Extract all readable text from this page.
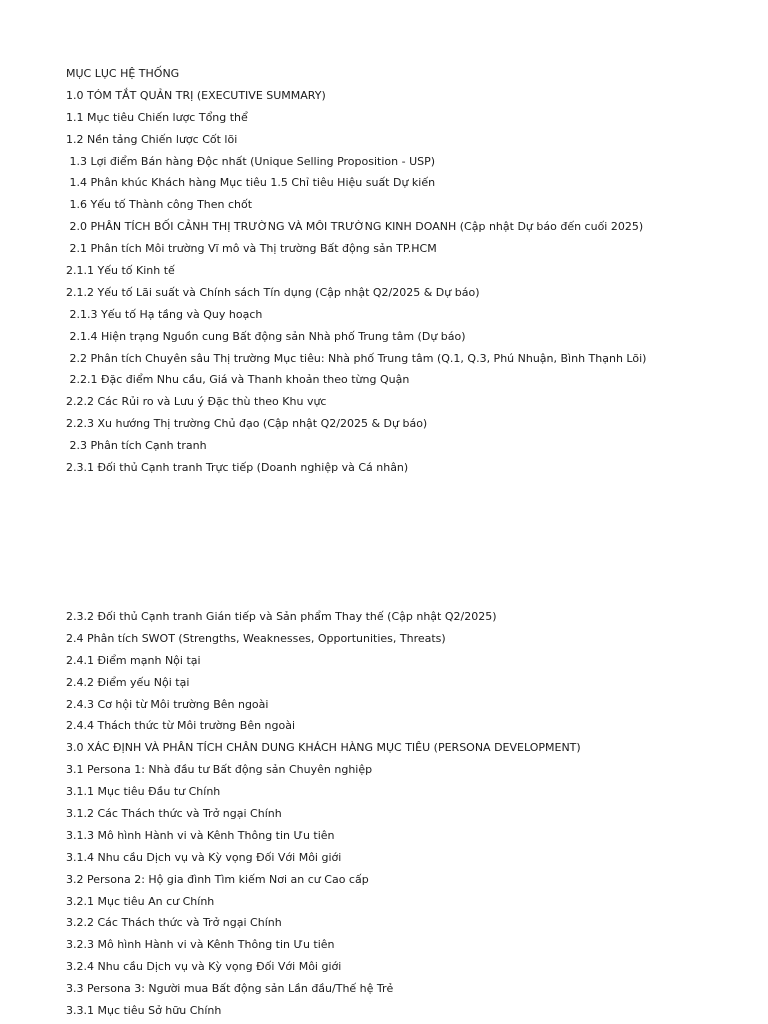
MỤC LỤC HỆ THỐNG
1.0 TÓM TẮT QUẢN TRỊ (EXECUTIVE SUMMARY)
1.1 Mục tiêu Chiến lược Tổng thể
1.2 Nền tảng Chiến lược Cốt lõi
1.3 Lợi điểm Bán hàng Độc nhất (Unique Selling Proposition - USP)
1.4 Phân khúc Khách hàng Mục tiêu 1.5 Chỉ tiêu Hiệu suất Dự kiến
1.6 Yếu tố Thành công Then chốt
2.0 PHÂN TÍCH BỐI CẢNH THỊ TRƯỜNG VÀ MÔI TRƯỜNG KINH DOANH (Cập nhật Dự báo đến cuối 2025)
2.1 Phân tích Môi trường Vĩ mô và Thị trường Bất động sản TP.HCM
2.1.1 Yếu tố Kinh tế
2.1.2 Yếu tố Lãi suất và Chính sách Tín dụng (Cập nhật Q2/2025 & Dự báo)
2.1.3 Yếu tố Hạ tầng và Quy hoạch
2.1.4 Hiện trạng Nguồn cung Bất động sản Nhà phố Trung tâm (Dự báo)
2.2 Phân tích Chuyên sâu Thị trường Mục tiêu: Nhà phố Trung tâm (Q.1, Q.3, Phú Nhuận, Bình Thạnh Lõi)
2.2.1 Đặc điểm Nhu cầu, Giá và Thanh khoản theo từng Quận
2.2.2 Các Rủi ro và Lưu ý Đặc thù theo Khu vực
2.2.3 Xu hướng Thị trường Chủ đạo (Cập nhật Q2/2025 & Dự báo)
2.3 Phân tích Cạnh tranh
2.3.1 Đối thủ Cạnh tranh Trực tiếp (Doanh nghiệp và Cá nhân)
2.3.2 Đối thủ Cạnh tranh Gián tiếp và Sản phẩm Thay thế (Cập nhật Q2/2025)
2.4 Phân tích SWOT (Strengths, Weaknesses, Opportunities, Threats)
2.4.1 Điểm mạnh Nội tại
2.4.2 Điểm yếu Nội tại
2.4.3 Cơ hội từ Môi trường Bên ngoài
2.4.4 Thách thức từ Môi trường Bên ngoài
3.0 XÁC ĐỊNH VÀ PHÂN TÍCH CHÂN DUNG KHÁCH HÀNG MỤC TIÊU (PERSONA DEVELOPMENT)
3.1 Persona 1: Nhà đầu tư Bất động sản Chuyên nghiệp
3.1.1 Mục tiêu Đầu tư Chính
3.1.2 Các Thách thức và Trở ngại Chính
3.1.3 Mô hình Hành vi và Kênh Thông tin Ưu tiên
3.1.4 Nhu cầu Dịch vụ và Kỳ vọng Đối Với Môi giới
3.2 Persona 2: Hộ gia đình Tìm kiếm Nơi an cư Cao cấp
3.2.1 Mục tiêu An cư Chính
3.2.2 Các Thách thức và Trở ngại Chính
3.2.3 Mô hình Hành vi và Kênh Thông tin Ưu tiên
3.2.4 Nhu cầu Dịch vụ và Kỳ vọng Đối Với Môi giới
3.3 Persona 3: Người mua Bất động sản Lần đầu/Thế hệ Trẻ
3.3.1 Mục tiêu Sở hữu Chính
